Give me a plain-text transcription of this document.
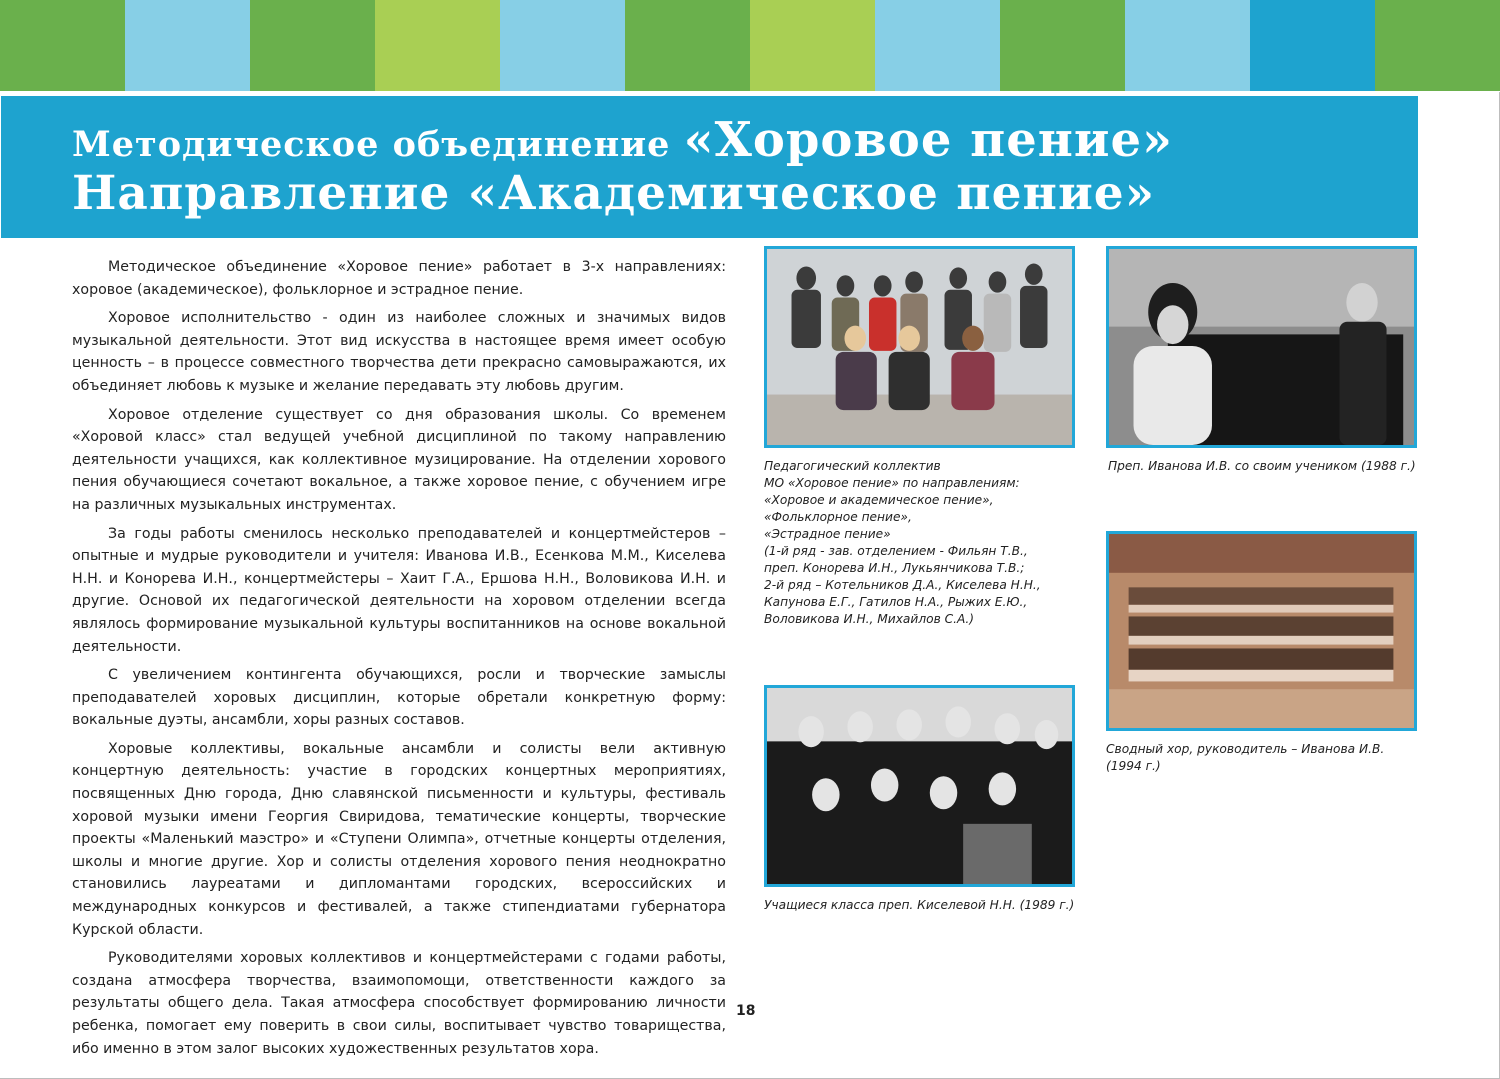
Методическое объединение «Хоровое пение»
Направление «Академическое пение»

Методическое объединение «Хоровое пение» работает в 3-х направлениях: хоровое (академическое), фольклорное и эстрадное пение.

Хоровое исполнительство - один из наиболее сложных и значимых видов музыкальной деятельности. Этот вид искусства в настоящее время имеет особую ценность – в процессе совместного творчества дети прекрасно самовыражаются, их объединяет любовь к музыке и желание передавать эту любовь другим.

Хоровое отделение существует со дня образования школы. Со временем «Хоровой класс» стал ведущей учебной дисциплиной по такому направлению деятельности учащихся, как коллективное музицирование. На отделении хорового пения обучающиеся сочетают вокальное, а также хоровое пение, с обучением игре на различных музыкальных инструментах.

За годы работы сменилось несколько преподавателей и концертмейстеров – опытные и мудрые руководители и учителя: Иванова И.В., Есенкова М.М., Киселева Н.Н. и Конорева И.Н., концертмейстеры – Хаит Г.А., Ершова Н.Н., Воловикова И.Н. и другие. Основой их педагогической деятельности на хоровом отделении всегда являлось формирование музыкальной культуры воспитанников на основе вокальной деятельности.

С увеличением контингента обучающихся, росли и творческие замыслы преподавателей хоровых дисциплин, которые обретали конкретную форму: вокальные дуэты, ансамбли, хоры разных составов.

Хоровые коллективы, вокальные ансамбли и солисты вели активную концертную деятельность: участие в городских концертных мероприятиях, посвященных Дню города, Дню славянской письменности и культуры, фестиваль хоровой музыки имени Георгия Свиридова, тематические концерты, творческие проекты «Маленький маэстро» и «Ступени Олимпа», отчетные концерты отделения, школы и многие другие. Хор и солисты отделения хорового пения неоднократно становились лауреатами и дипломантами городских, всероссийских и международных конкурсов и фестивалей, а также стипендиатами губернатора Курской области.

Руководителями хоровых коллективов и концертмейстерами с годами работы, создана атмосфера творчества, взаимопомощи, ответственности каждого за результаты общего дела. Такая атмосфера способствует формированию личности ребенка, помогает ему поверить в свои силы, воспитывает чувство товарищества, ибо именно в этом залог высоких художественных результатов хора.

Педагогический коллектив
МО «Хоровое пение» по направлениям:
«Хоровое и академическое пение»,
«Фольклорное пение»,
«Эстрадное пение»
(1-й ряд - зав. отделением - Фильян Т.В.,
преп. Конорева И.Н., Лукьянчикова Т.В.;
2-й ряд – Котельников Д.А., Киселева Н.Н.,
Капунова Е.Г., Гатилов Н.А., Рыжих Е.Ю.,
Воловикова И.Н., Михайлов С.А.)
Преп. Иванова И.В. со своим учеником (1988 г.)
Сводный хор, руководитель – Иванова И.В.
(1994 г.)
Учащиеся класса преп. Киселевой Н.Н. (1989 г.)
18
